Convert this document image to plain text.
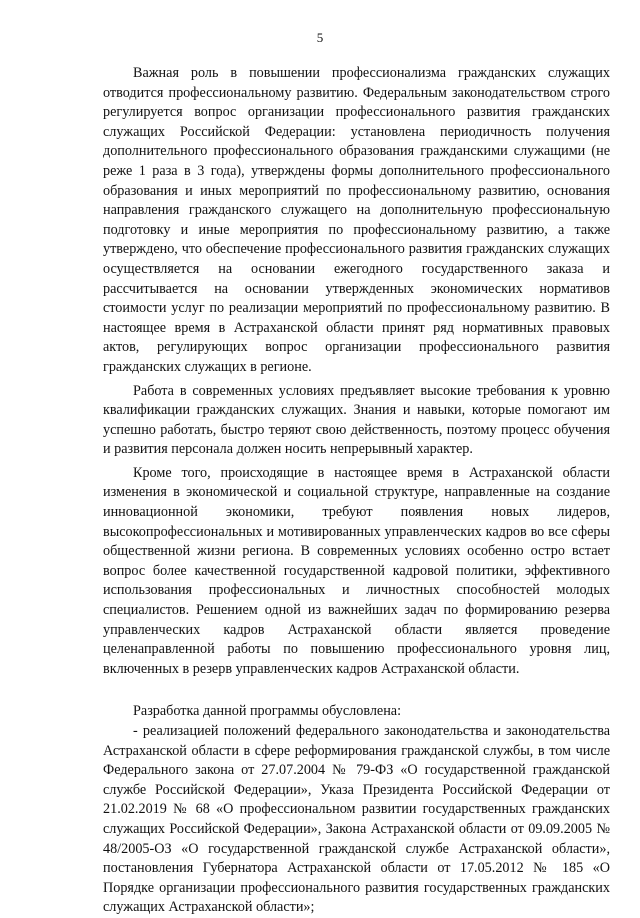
5

Важная роль в повышении профессионализма гражданских служащих отводится профессиональному развитию. Федеральным законодательством строго регулируется вопрос организации профессионального развития гражданских служащих Российской Федерации: установлена периодичность получения дополнительного профессионального образования гражданскими служащими (не реже 1 раза в 3 года), утверждены формы дополнительного профессионального образования и иных мероприятий по профессиональному развитию, основания направления гражданского служащего на дополнительную профессиональную подготовку и иные мероприятия по профессиональному развитию, а также утверждено, что обеспечение профессионального развития гражданских служащих осуществляется на основании ежегодного государственного заказа и рассчитывается на основании утвержденных экономических нормативов стоимости услуг по реализации мероприятий по профессиональному развитию. В настоящее время в Астраханской области принят ряд нормативных правовых актов, регулирующих вопрос организации профессионального развития гражданских служащих в регионе.

Работа в современных условиях предъявляет высокие требования к уровню квалификации гражданских служащих. Знания и навыки, которые помогают им успешно работать, быстро теряют свою действенность, поэтому процесс обучения и развития персонала должен носить непрерывный характер.

Кроме того, происходящие в настоящее время в Астраханской области изменения в экономической и социальной структуре, направленные на создание инновационной экономики, требуют появления новых лидеров, высокопрофессиональных и мотивированных управленческих кадров во все сферы общественной жизни региона. В современных условиях особенно остро встает вопрос более качественной государственной кадровой политики, эффективного использования профессиональных и личностных способностей молодых специалистов. Решением одной из важнейших задач по формированию резерва управленческих кадров Астраханской области является проведение целенаправленной работы по повышению профессионального уровня лиц, включенных в резерв управленческих кадров Астраханской области.

Разработка данной программы обусловлена:

- реализацией положений федерального законодательства и законодательства Астраханской области в сфере реформирования гражданской службы, в том числе Федерального закона от 27.07.2004 № 79-ФЗ «О государственной гражданской службе Российской Федерации», Указа Президента Российской Федерации от 21.02.2019 № 68 «О профессиональном развитии государственных гражданских служащих Российской Федерации», Закона Астраханской области от 09.09.2005 № 48/2005-ОЗ «О государственной гражданской службе Астраханской области», постановления Губернатора Астраханской области от 17.05.2012 № 185 «О Порядке организации профессионального развития государственных гражданских служащих Астраханской области»;
